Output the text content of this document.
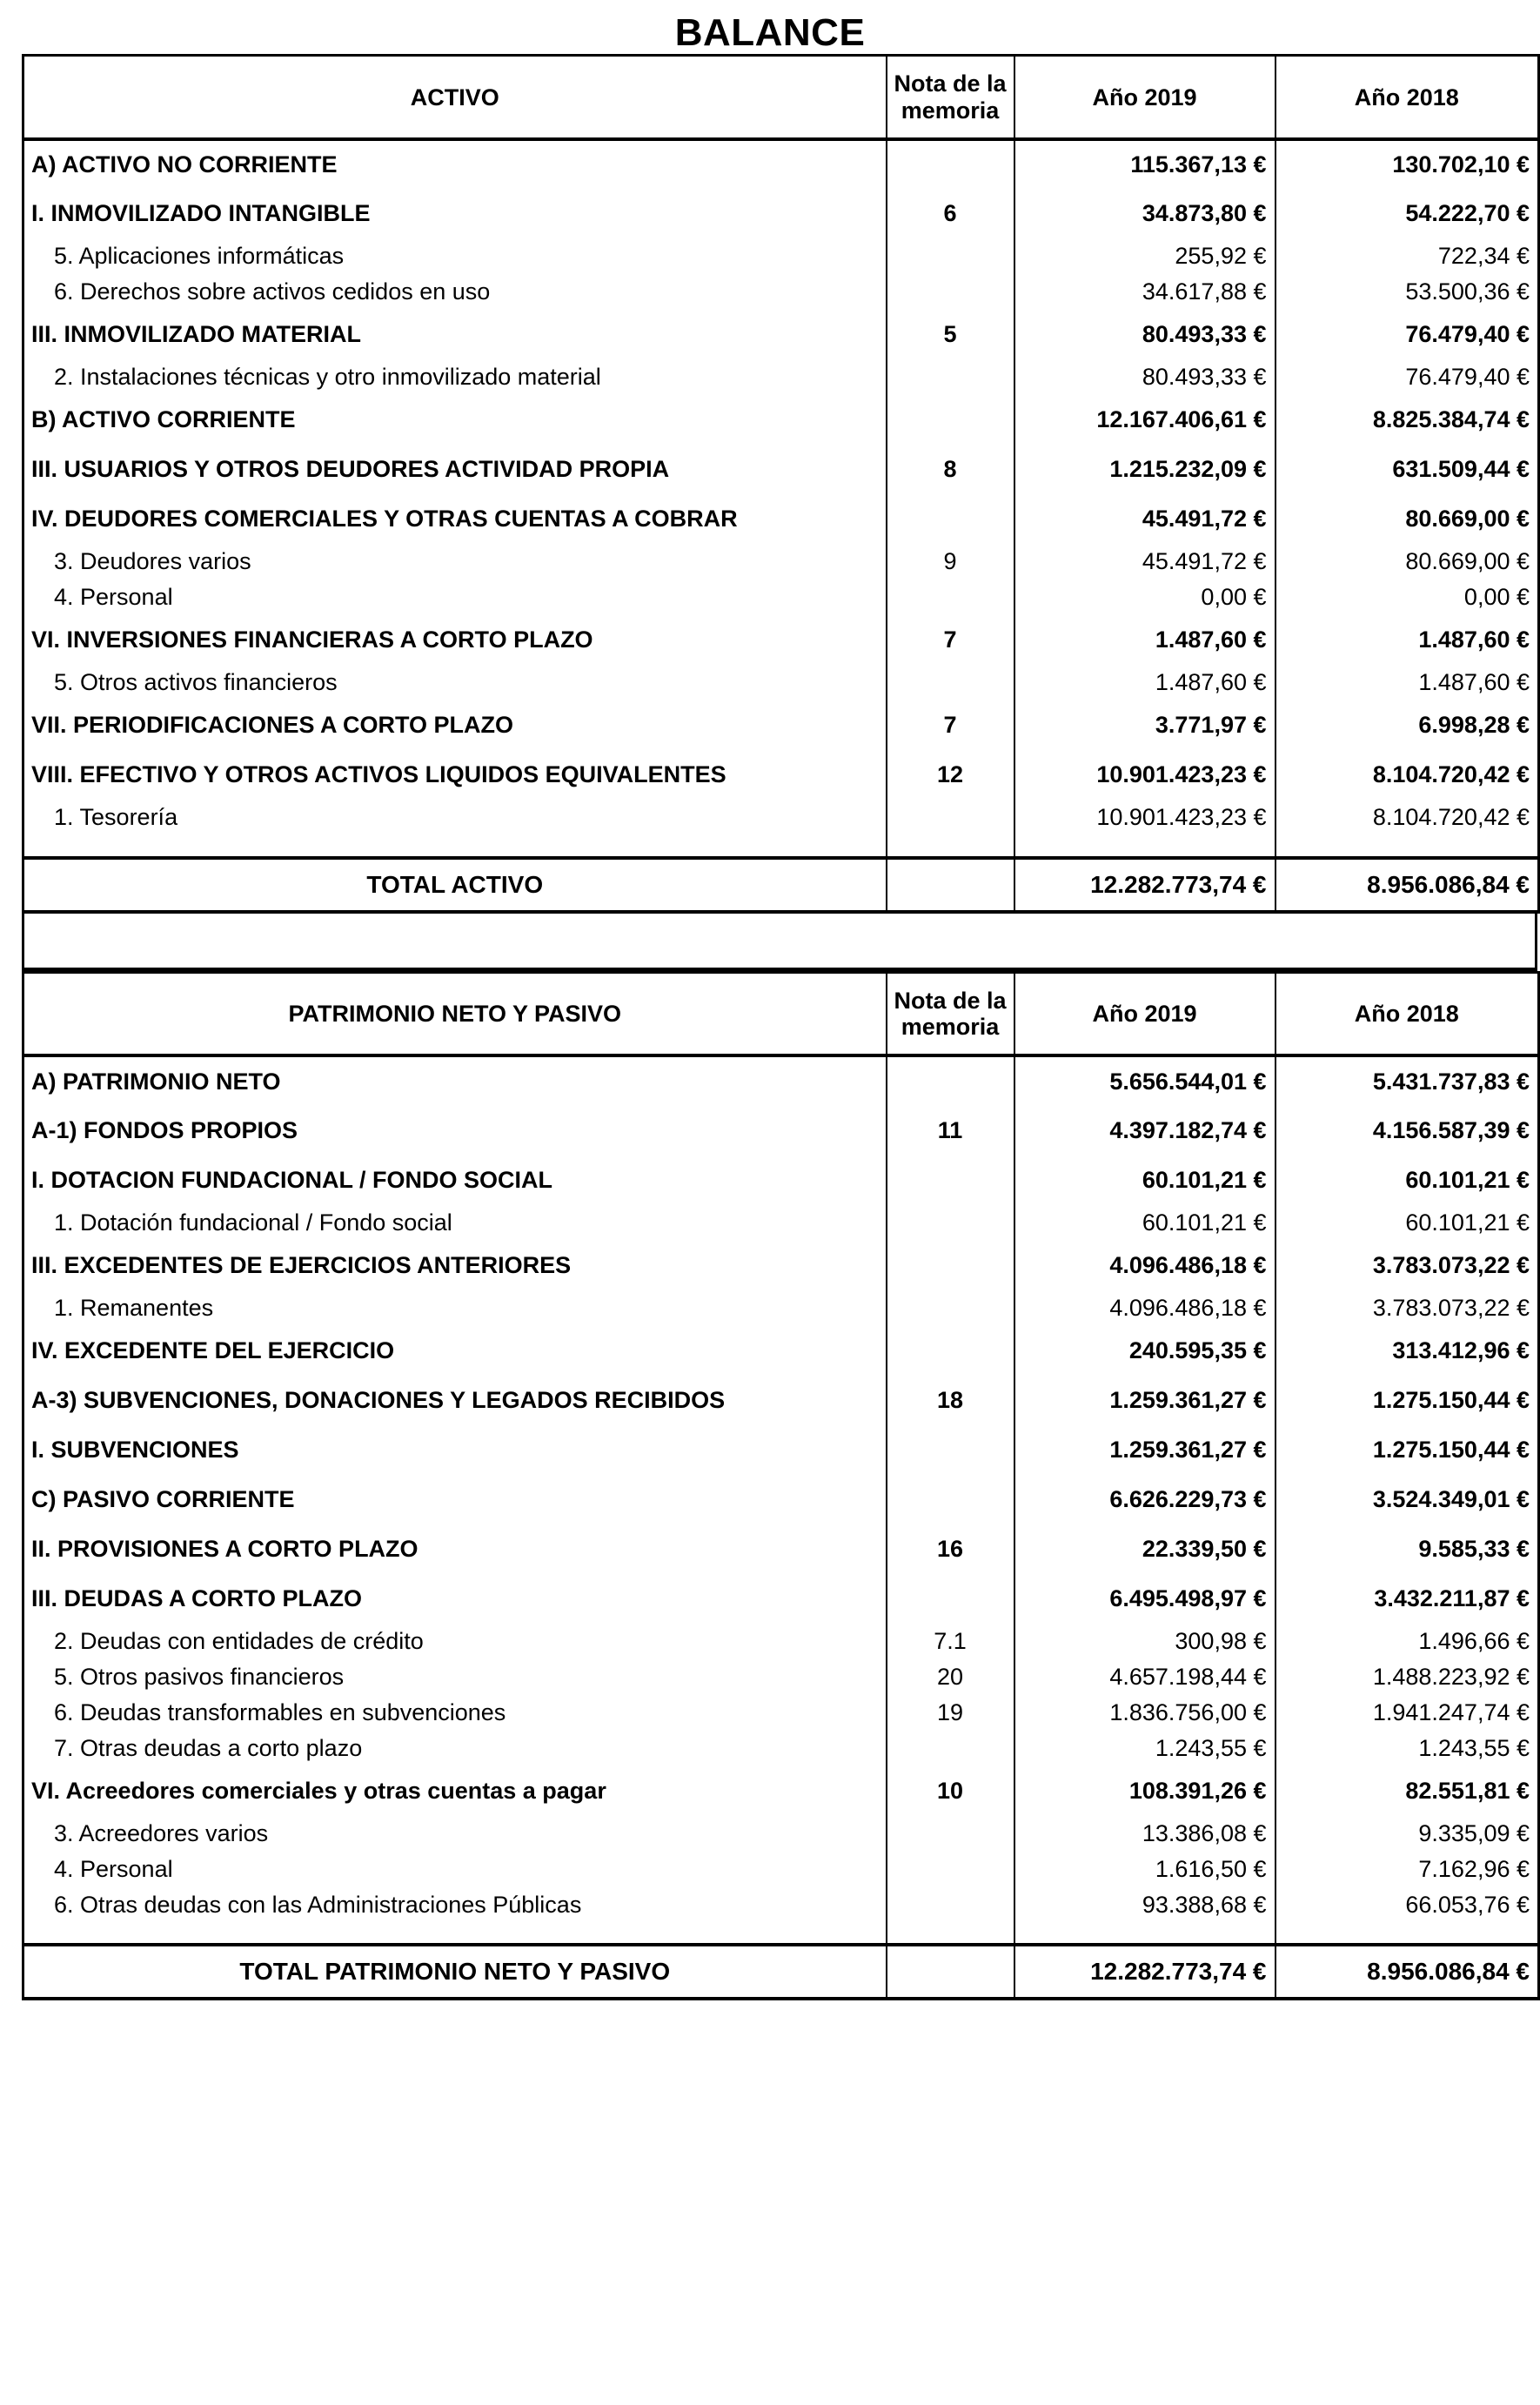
BALANCE
ACTIVO	Nota de la memoria	Año 2019	Año 2018
A) ACTIVO NO CORRIENTE		115.367,13 €	130.702,10 €
I. INMOVILIZADO INTANGIBLE	6	34.873,80 €	54.222,70 €
5. Aplicaciones informáticas		255,92 €	722,34 €
6. Derechos sobre activos cedidos en uso		34.617,88 €	53.500,36 €
III. INMOVILIZADO MATERIAL	5	80.493,33 €	76.479,40 €
2. Instalaciones técnicas y otro inmovilizado material		80.493,33 €	76.479,40 €
B) ACTIVO CORRIENTE		12.167.406,61 €	8.825.384,74 €
III. USUARIOS Y OTROS DEUDORES ACTIVIDAD PROPIA	8	1.215.232,09 €	631.509,44 €
IV. DEUDORES COMERCIALES Y OTRAS CUENTAS A COBRAR		45.491,72 €	80.669,00 €
3. Deudores varios	9	45.491,72 €	80.669,00 €
4. Personal		0,00 €	0,00 €
VI. INVERSIONES FINANCIERAS A CORTO PLAZO	7	1.487,60 €	1.487,60 €
5. Otros activos financieros		1.487,60 €	1.487,60 €
VII. PERIODIFICACIONES A CORTO PLAZO	7	3.771,97 €	6.998,28 €
VIII. EFECTIVO Y OTROS ACTIVOS LIQUIDOS EQUIVALENTES	12	10.901.423,23 €	8.104.720,42 €
1. Tesorería		10.901.423,23 €	8.104.720,42 €

TOTAL ACTIVO		12.282.773,74 €	8.956.086,84 €
PATRIMONIO NETO Y PASIVO	Nota de la memoria	Año 2019	Año 2018
A) PATRIMONIO NETO		5.656.544,01 €	5.431.737,83 €
A-1) FONDOS PROPIOS	11	4.397.182,74 €	4.156.587,39 €
I. DOTACION FUNDACIONAL / FONDO SOCIAL		60.101,21 €	60.101,21 €
1. Dotación fundacional / Fondo social		60.101,21 €	60.101,21 €
III. EXCEDENTES DE EJERCICIOS ANTERIORES		4.096.486,18 €	3.783.073,22 €
1. Remanentes		4.096.486,18 €	3.783.073,22 €
IV. EXCEDENTE DEL EJERCICIO		240.595,35 €	313.412,96 €
A-3) SUBVENCIONES, DONACIONES Y LEGADOS RECIBIDOS	18	1.259.361,27 €	1.275.150,44 €
I. SUBVENCIONES		1.259.361,27 €	1.275.150,44 €
C) PASIVO CORRIENTE		6.626.229,73 €	3.524.349,01 €
II. PROVISIONES A CORTO PLAZO	16	22.339,50 €	9.585,33 €
III. DEUDAS A CORTO PLAZO		6.495.498,97 €	3.432.211,87 €
2. Deudas con entidades de crédito	7.1	300,98 €	1.496,66 €
5. Otros pasivos financieros	20	4.657.198,44 €	1.488.223,92 €
6. Deudas transformables en subvenciones	19	1.836.756,00 €	1.941.247,74 €
7. Otras deudas a corto plazo		1.243,55 €	1.243,55 €
VI. Acreedores comerciales y otras cuentas a pagar	10	108.391,26 €	82.551,81 €
3. Acreedores varios		13.386,08 €	9.335,09 €
4. Personal		1.616,50 €	7.162,96 €
6. Otras deudas con las Administraciones Públicas		93.388,68 €	66.053,76 €

TOTAL PATRIMONIO NETO Y PASIVO		12.282.773,74 €	8.956.086,84 €
